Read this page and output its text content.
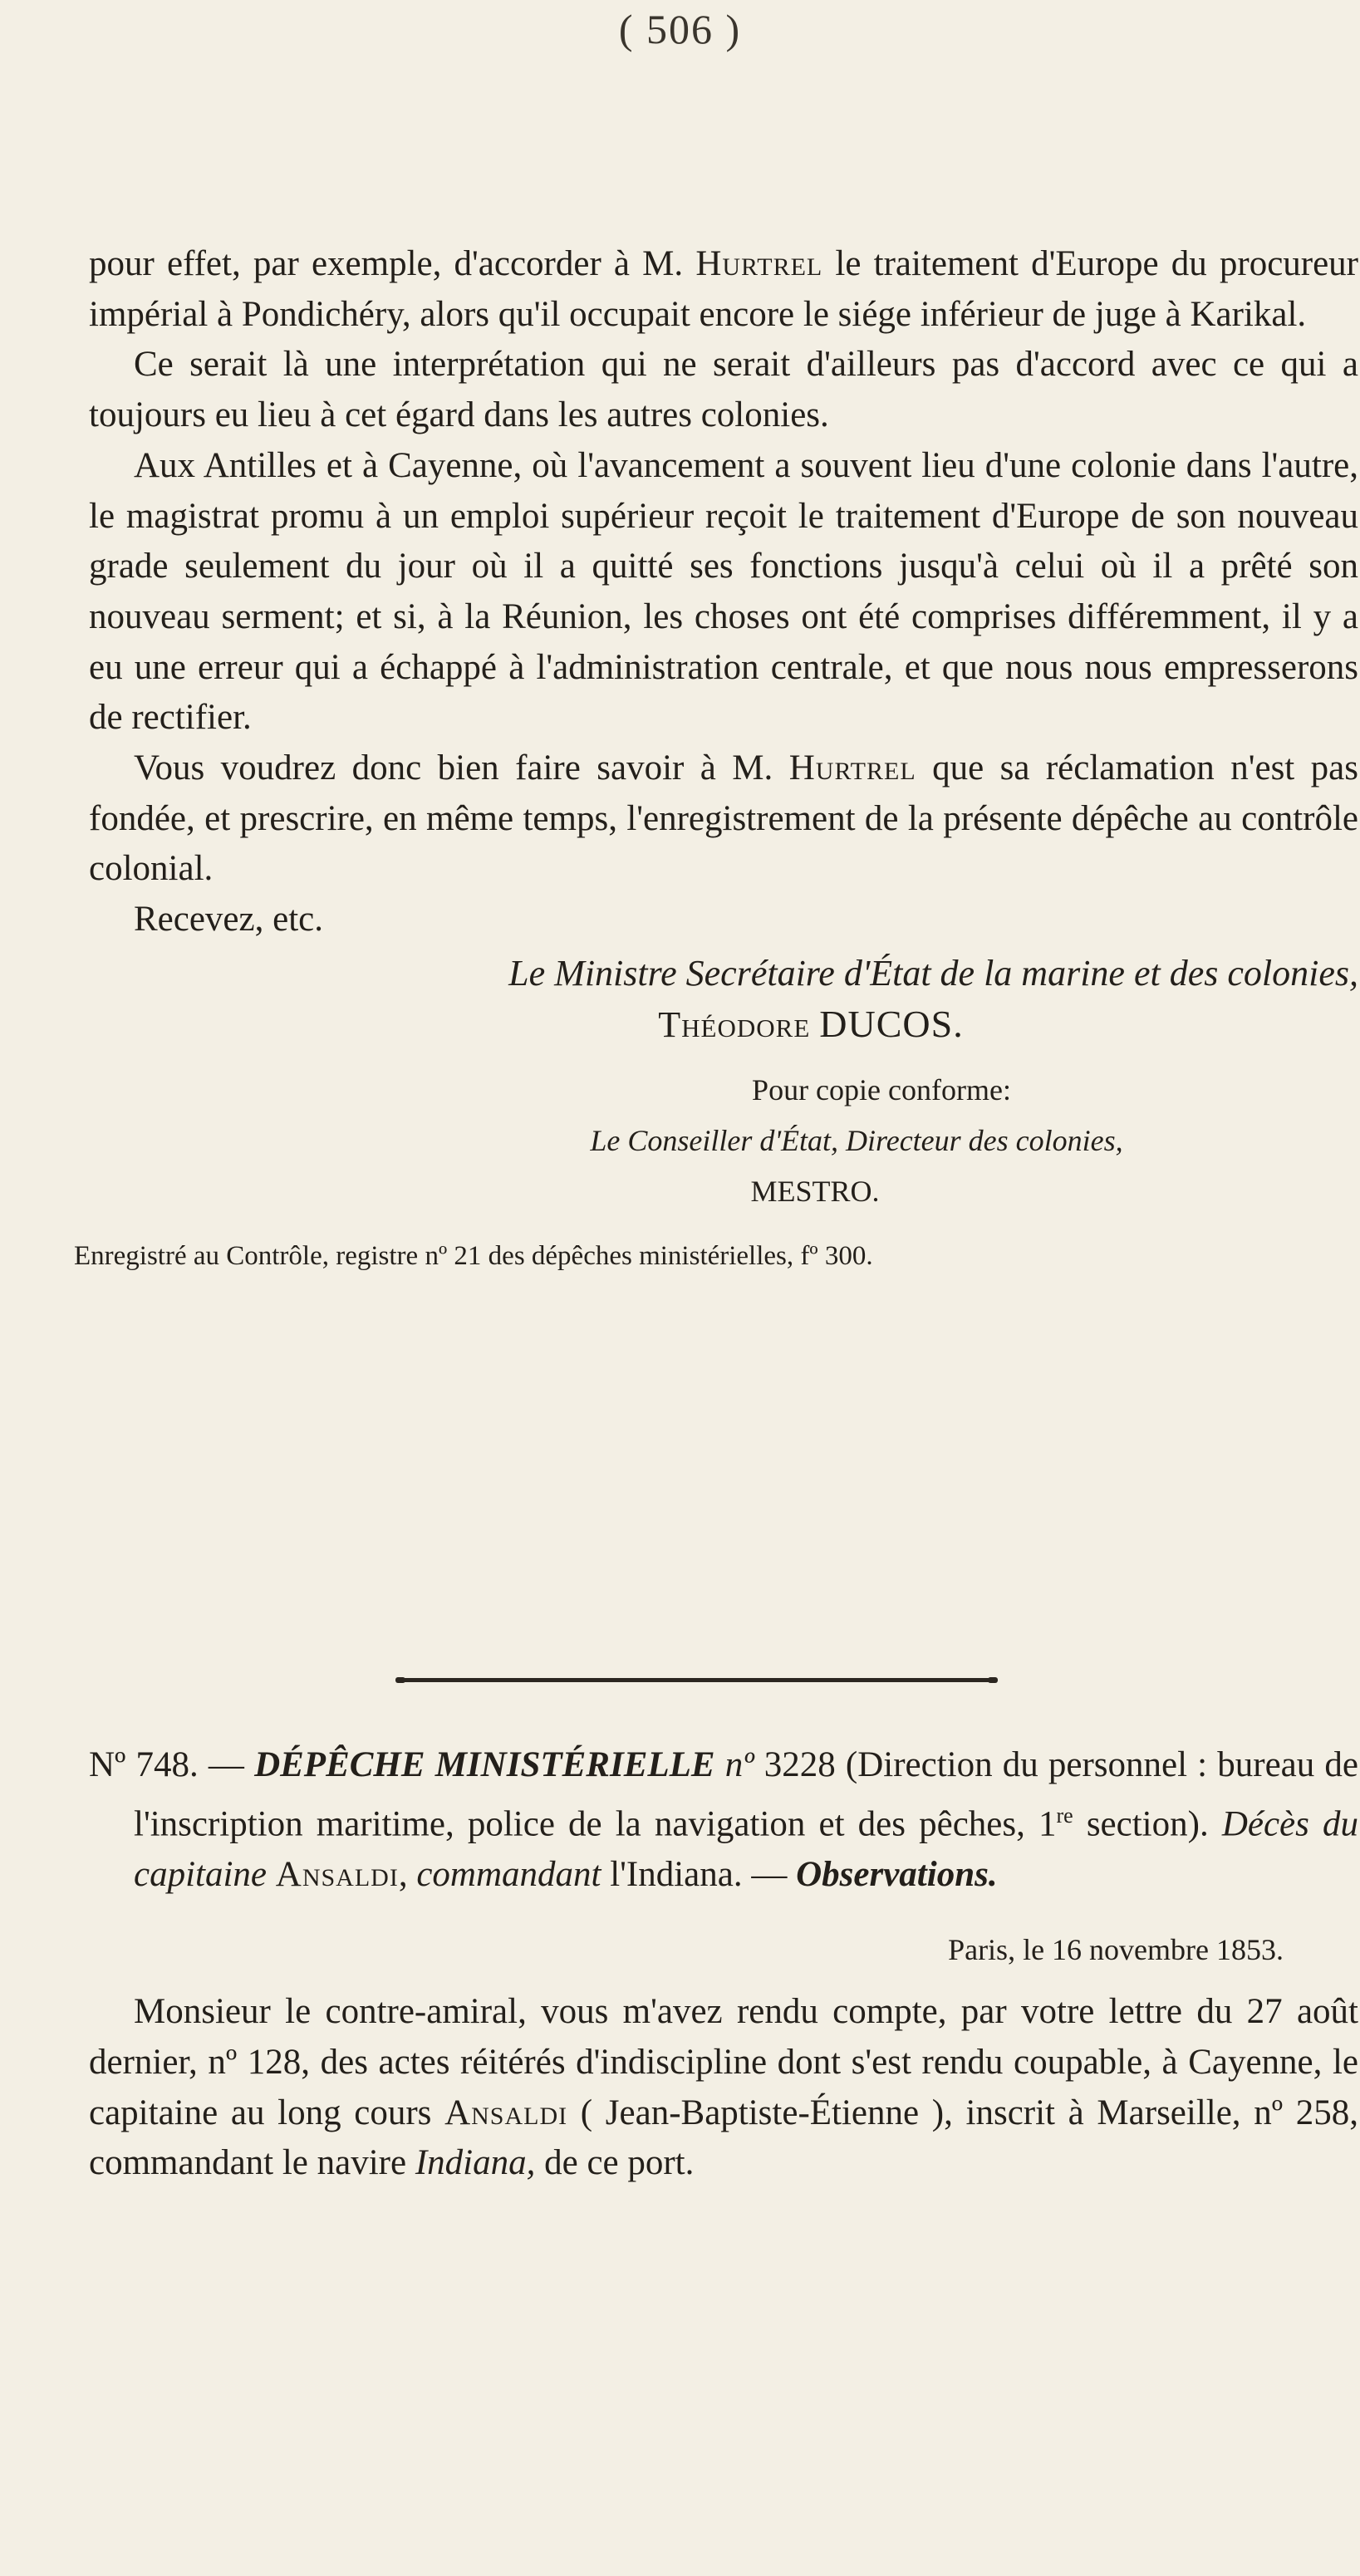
( 506 )

pour effet, par exemple, d'accorder à M. Hurtrel le traitement d'Europe du procureur impérial à Pondichéry, alors qu'il occupait encore le siége inférieur de juge à Karikal.

Ce serait là une interprétation qui ne serait d'ailleurs pas d'accord avec ce qui a toujours eu lieu à cet égard dans les autres colonies.

Aux Antilles et à Cayenne, où l'avancement a souvent lieu d'une colonie dans l'autre, le magistrat promu à un emploi supérieur reçoit le traitement d'Europe de son nouveau grade seulement du jour où il a quitté ses fonctions jusqu'à celui où il a prêté son nouveau serment; et si, à la Réunion, les choses ont été comprises différemment, il y a eu une erreur qui a échappé à l'administration centrale, et que nous nous empresserons de rectifier.

Vous voudrez donc bien faire savoir à M. Hurtrel que sa réclamation n'est pas fondée, et prescrire, en même temps, l'enregistrement de la présente dépêche au contrôle colonial.

Recevez, etc.

Le Ministre Secrétaire d'État de la marine et des colonies,

Théodore DUCOS.

Pour copie conforme:

Le Conseiller d'État, Directeur des colonies,

MESTRO.

Enregistré au Contrôle, registre nº 21 des dépêches ministérielles, fº 300.

Nº 748. — DÉPÊCHE MINISTÉRIELLE nº 3228 (Direction du personnel : bureau de l'inscription maritime, police de la navigation et des pêches, 1re section). Décès du capitaine Ansaldi, commandant l'Indiana. — Observations.

Paris, le 16 novembre 1853.

Monsieur le contre-amiral, vous m'avez rendu compte, par votre lettre du 27 août dernier, nº 128, des actes réitérés d'indiscipline dont s'est rendu coupable, à Cayenne, le capitaine au long cours Ansaldi ( Jean-Baptiste-Étienne ), inscrit à Marseille, nº 258, commandant le navire Indiana, de ce port.
